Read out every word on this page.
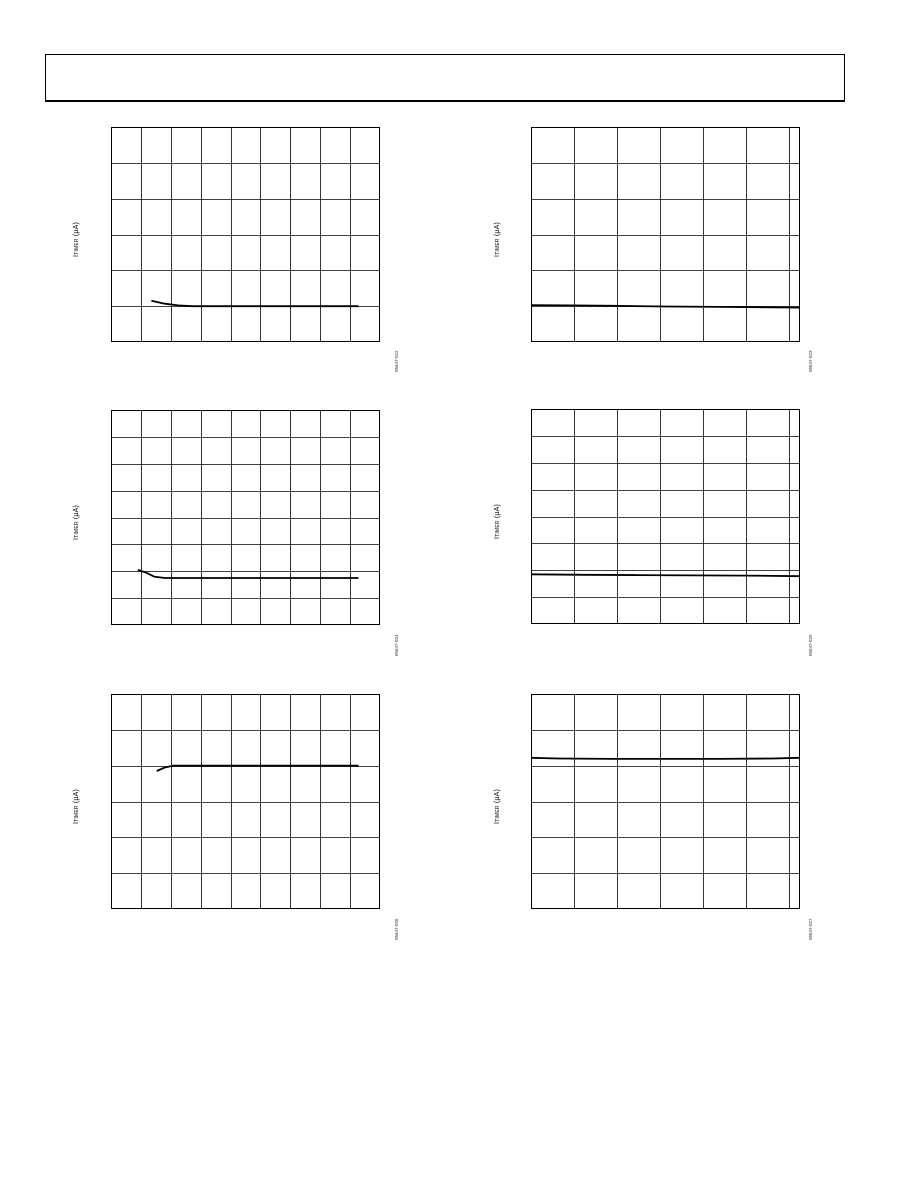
ITIMER (µA)
05647-022
ITIMER (µA)
05647-023
ITIMER (µA)
05647-024
ITIMER (µA)
05647-025
ITIMER (µA)
05647-026
ITIMER (µA)
05647-027
